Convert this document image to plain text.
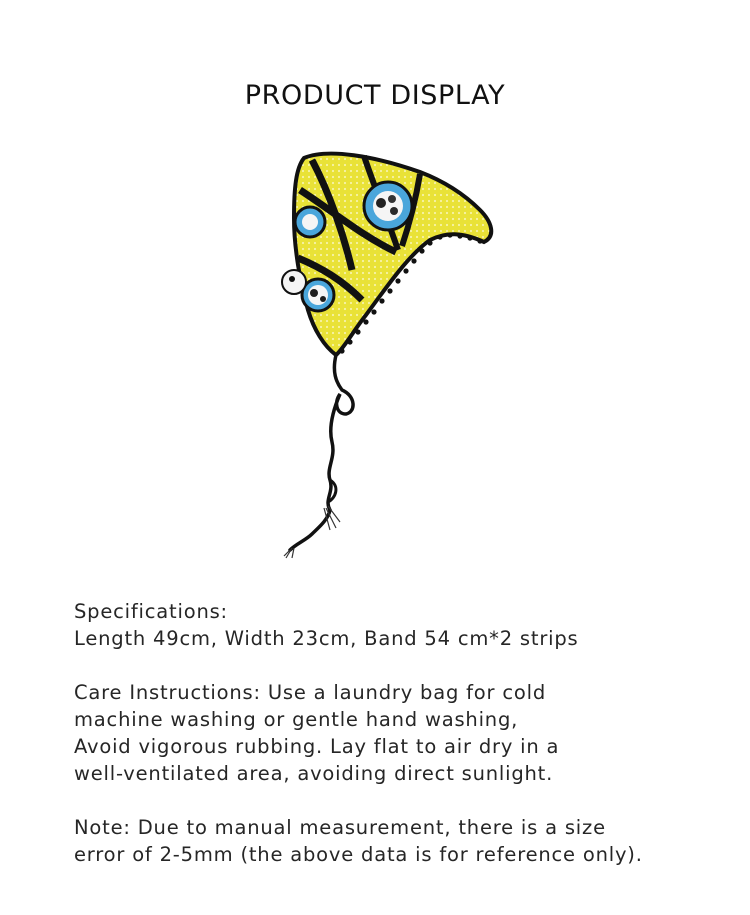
PRODUCT DISPLAY
Specifications:
Length 49cm, Width 23cm, Band 54 cm*2 strips
Care Instructions: Use a laundry bag for cold
machine washing or gentle hand washing,
Avoid vigorous rubbing. Lay flat to air dry in a
well-ventilated area, avoiding direct sunlight.
Note: Due to manual measurement, there is a size
error of 2-5mm (the above data is for reference only).
